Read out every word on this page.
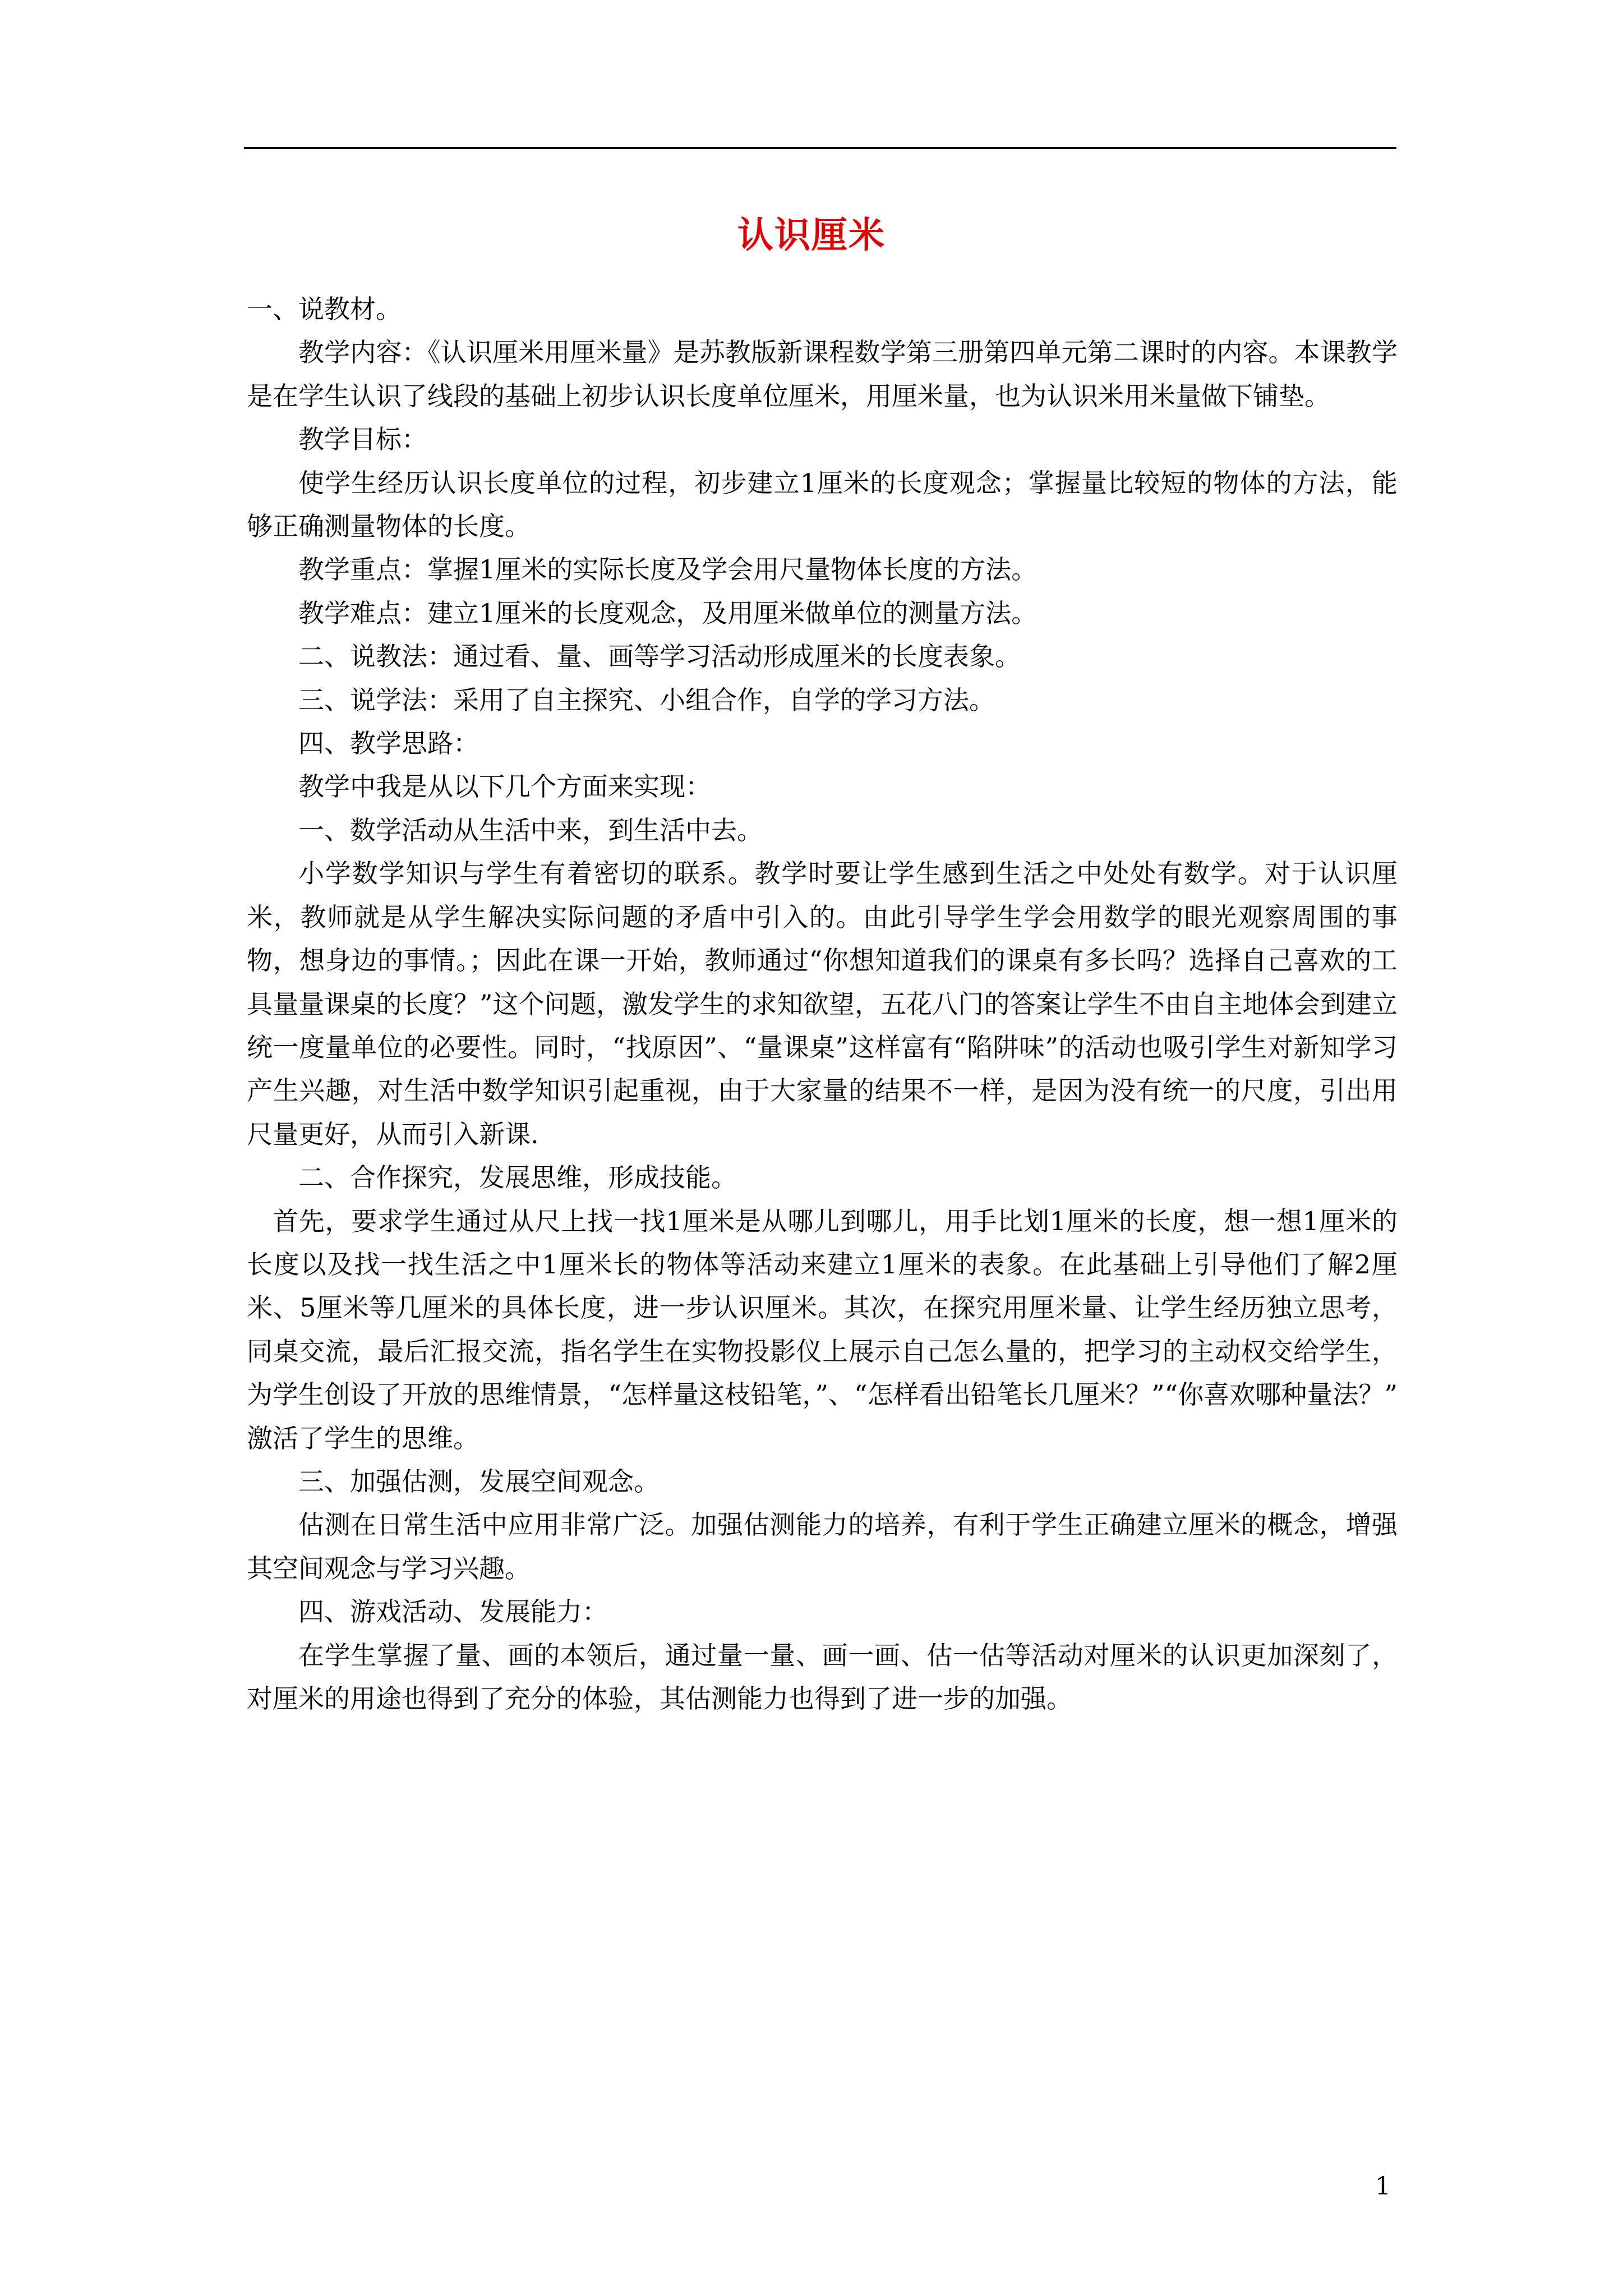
认识厘米

一、说教材。

教学内容：《认识厘米用厘米量》是苏教版新课程数学第三册第四单元第二课时的内容。本课教学是在学生认识了线段的基础上初步认识长度单位厘米，用厘米量，也为认识米用米量做下铺垫。

教学目标：

使学生经历认识长度单位的过程，初步建立1厘米的长度观念；掌握量比较短的物体的方法，能够正确测量物体的长度。

教学重点：掌握1厘米的实际长度及学会用尺量物体长度的方法。

教学难点：建立1厘米的长度观念，及用厘米做单位的测量方法。

二、说教法：通过看、量、画等学习活动形成厘米的长度表象。

三、说学法：采用了自主探究、小组合作，自学的学习方法。

四、教学思路：

教学中我是从以下几个方面来实现：

一、数学活动从生活中来，到生活中去。

小学数学知识与学生有着密切的联系。教学时要让学生感到生活之中处处有数学。对于认识厘米，教师就是从学生解决实际问题的矛盾中引入的。由此引导学生学会用数学的眼光观察周围的事物，想身边的事情。；因此在课一开始，教师通过“你想知道我们的课桌有多长吗？选择自己喜欢的工具量量课桌的长度？”这个问题，激发学生的求知欲望，五花八门的答案让学生不由自主地体会到建立统一度量单位的必要性。同时，“找原因”、“量课桌”这样富有“陷阱味”的活动也吸引学生对新知学习产生兴趣，对生活中数学知识引起重视，由于大家量的结果不一样，是因为没有统一的尺度，引出用尺量更好，从而引入新课.

二、合作探究，发展思维，形成技能。

首先，要求学生通过从尺上找一找1厘米是从哪儿到哪儿，用手比划1厘米的长度，想一想1厘米的长度以及找一找生活之中1厘米长的物体等活动来建立1厘米的表象。在此基础上引导他们了解2厘米、5厘米等几厘米的具体长度，进一步认识厘米。其次，在探究用厘米量、让学生经历独立思考，同桌交流，最后汇报交流，指名学生在实物投影仪上展示自己怎么量的，把学习的主动权交给学生，为学生创设了开放的思维情景，“怎样量这枝铅笔，”、“怎样看出铅笔长几厘米？”“你喜欢哪种量法？” 激活了学生的思维。

三、加强估测，发展空间观念。

估测在日常生活中应用非常广泛。加强估测能力的培养，有利于学生正确建立厘米的概念，增强其空间观念与学习兴趣。

四、游戏活动、发展能力：

在学生掌握了量、画的本领后，通过量一量、画一画、估一估等活动对厘米的认识更加深刻了，对厘米的用途也得到了充分的体验，其估测能力也得到了进一步的加强。

1
